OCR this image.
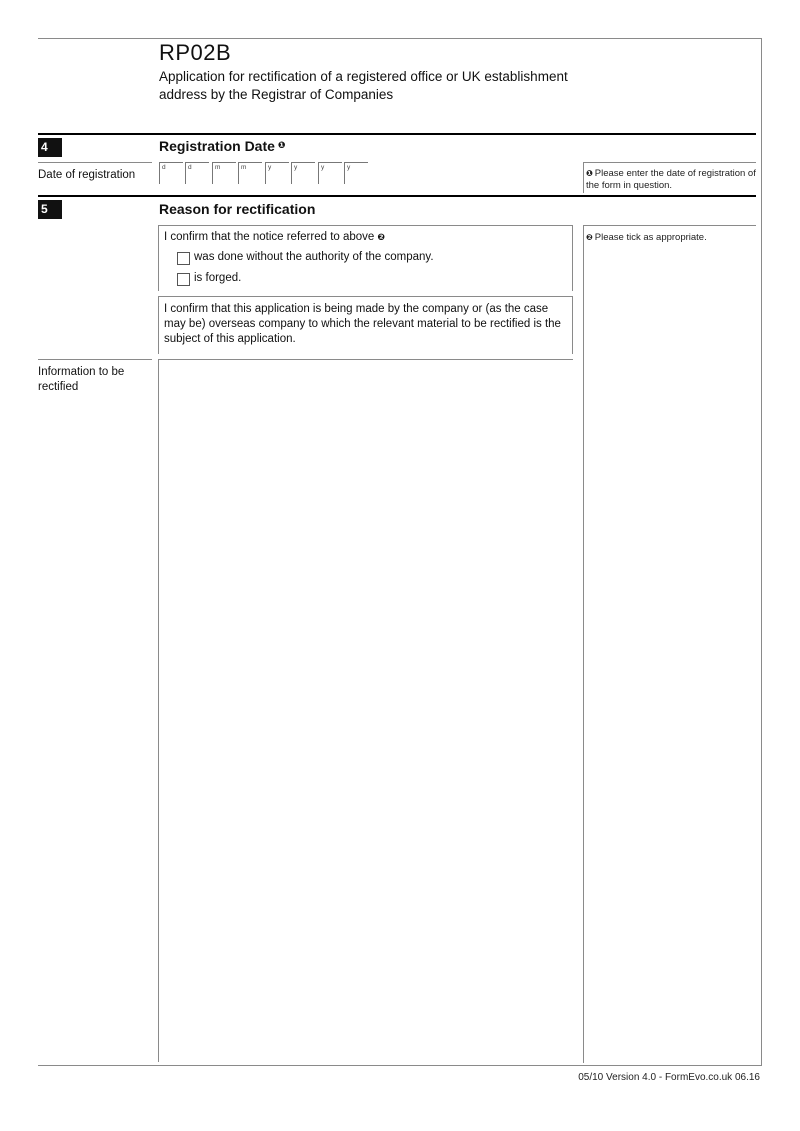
RP02B
Application for rectification of a registered office or UK establishment address by the Registrar of Companies
4	Registration Date $^❶$
Date of registration
d	d	m	m	y	y	y	y
❶ Please enter the date of registration of the form in question.
5	Reason for rectification
I confirm that the notice referred to above ❷
was done without the authority of the company.
is forged.
I confirm that this application is being made by the company or (as the case may be) overseas company to which the relevant material to be rectified is the subject of this application.
Information to be rectified
❷ Please tick as appropriate.
05/10 Version 4.0 - FormEvo.co.uk 06.16
